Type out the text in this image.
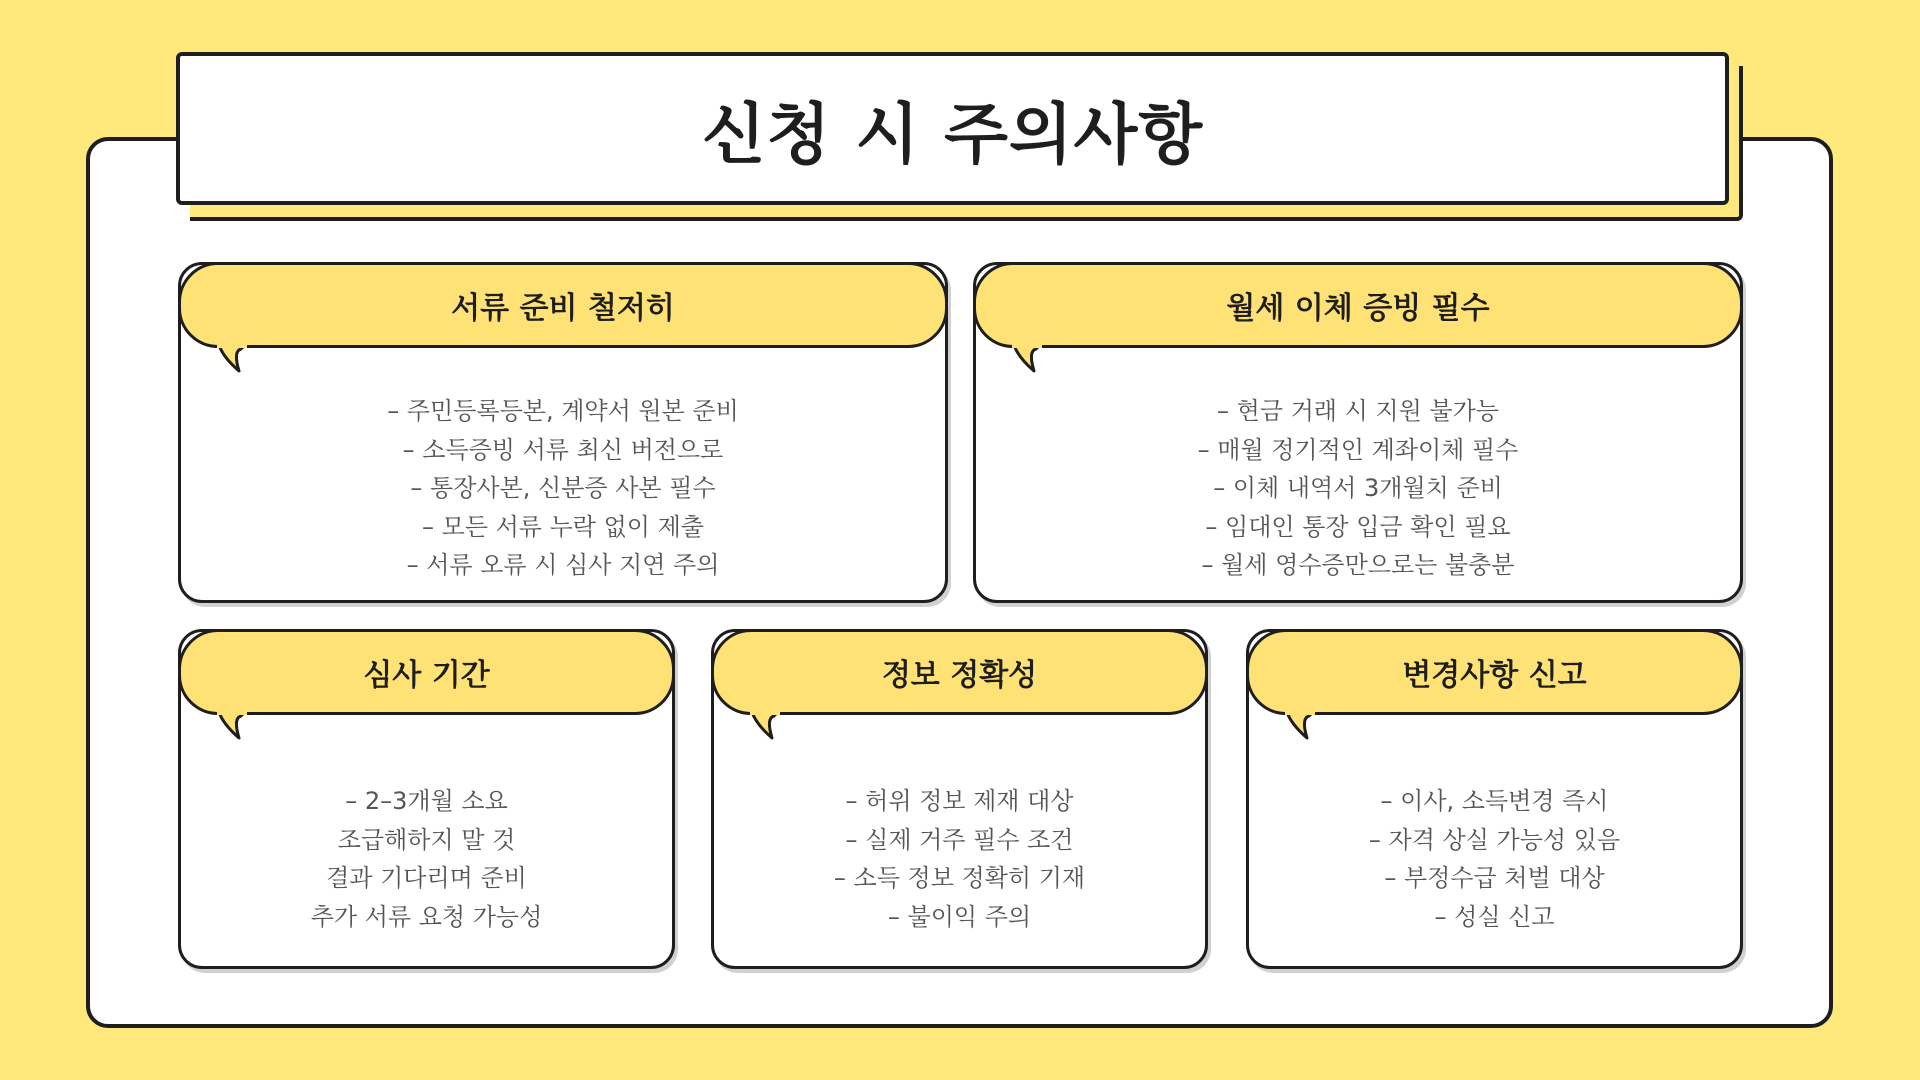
신청 시 주의사항
서류 준비 철저히
– 주민등록등본, 계약서 원본 준비
– 소득증빙 서류 최신 버전으로
– 통장사본, 신분증 사본 필수
– 모든 서류 누락 없이 제출
– 서류 오류 시 심사 지연 주의
월세 이체 증빙 필수
– 현금 거래 시 지원 불가능
– 매월 정기적인 계좌이체 필수
– 이체 내역서 3개월치 준비
– 임대인 통장 입금 확인 필요
– 월세 영수증만으로는 불충분
심사 기간
– 2–3개월 소요
조급해하지 말 것
결과 기다리며 준비
추가 서류 요청 가능성
정보 정확성
– 허위 정보 제재 대상
– 실제 거주 필수 조건
– 소득 정보 정확히 기재
– 불이익 주의
변경사항 신고
– 이사, 소득변경 즉시
– 자격 상실 가능성 있음
– 부정수급 처벌 대상
– 성실 신고
